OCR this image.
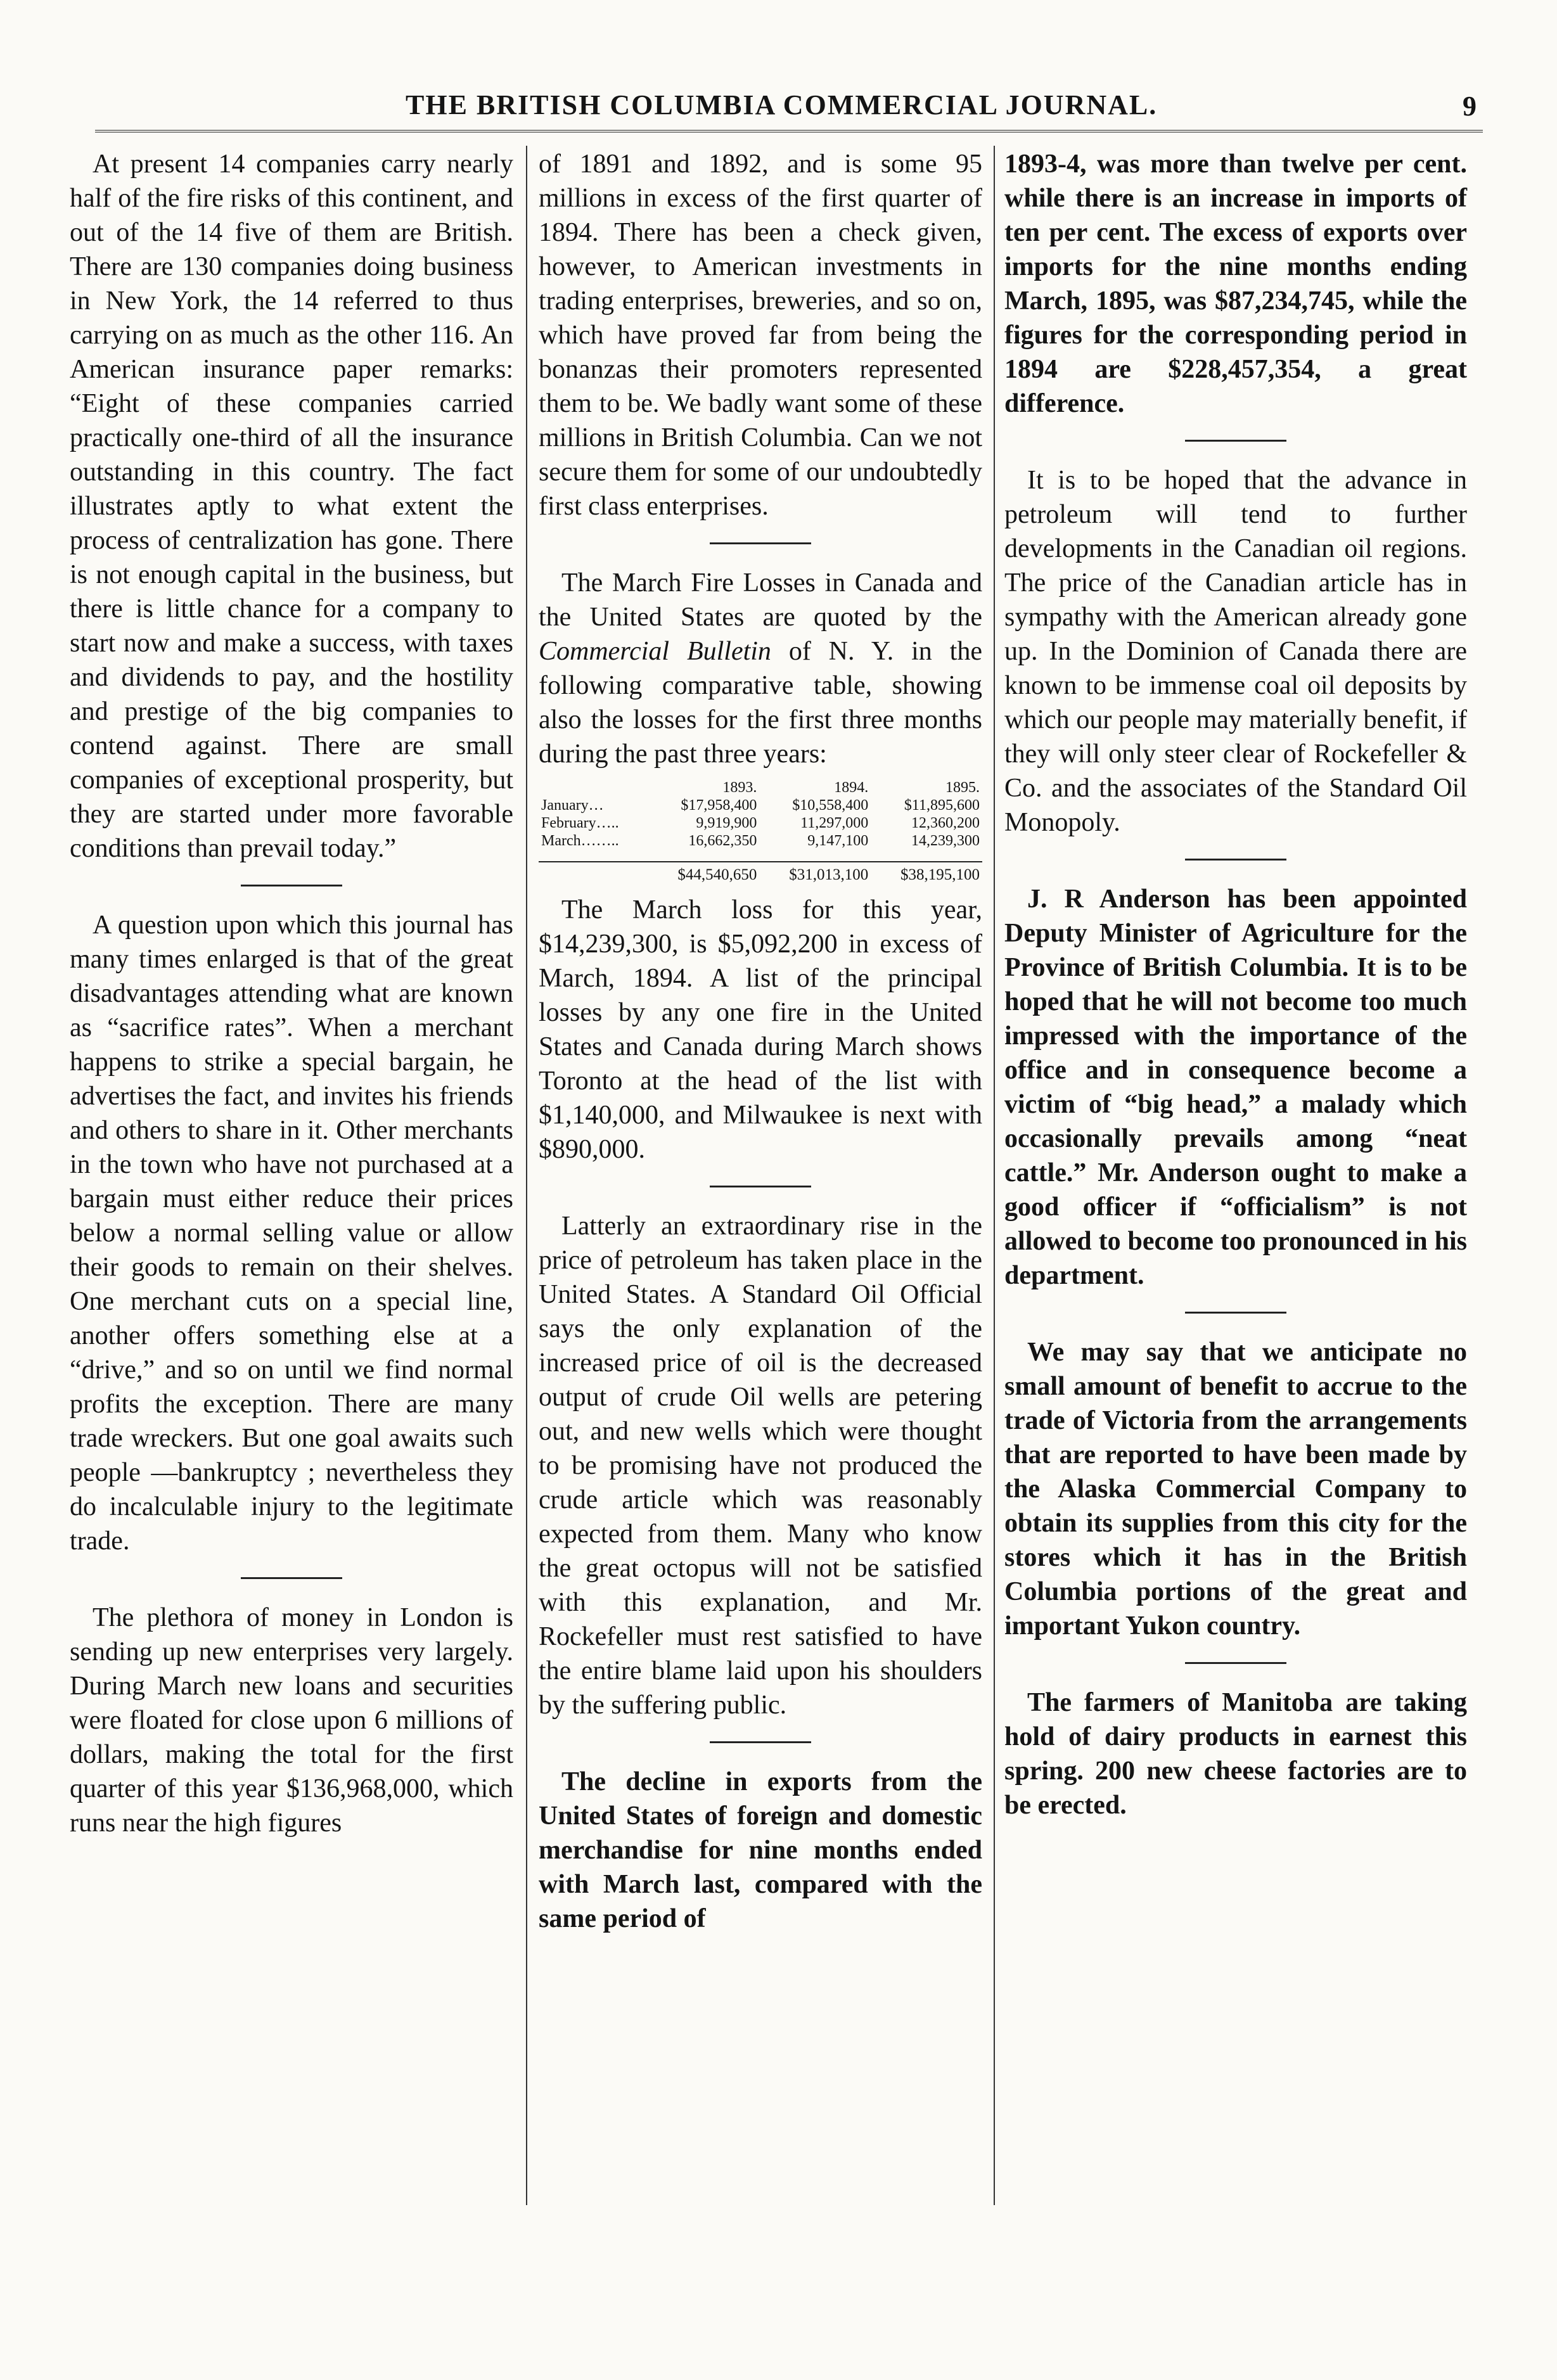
THE BRITISH COLUMBIA COMMERCIAL JOURNAL.	9

At present 14 companies carry nearly half of the fire risks of this continent, and out of the 14 five of them are British. There are 130 companies doing business in New York, the 14 referred to thus carrying on as much as the other 116. An American insurance paper remarks: “Eight of these companies carried practically one-third of all the insurance outstanding in this country. The fact illustrates aptly to what extent the process of centralization has gone. There is not enough capital in the business, but there is little chance for a company to start now and make a success, with taxes and dividends to pay, and the hostility and prestige of the big companies to contend against. There are small companies of exceptional prosperity, but they are started under more favorable conditions than prevail today.”

A question upon which this journal has many times enlarged is that of the great disadvantages attending what are known as “sacrifice rates”. When a merchant happens to strike a special bargain, he advertises the fact, and invites his friends and others to share in it. Other merchants in the town who have not purchased at a bargain must either reduce their prices below a normal selling value or allow their goods to remain on their shelves. One merchant cuts on a special line, another offers something else at a “drive,” and so on until we find normal profits the exception. There are many trade wreckers. But one goal awaits such people —bankruptcy ; nevertheless they do incalculable injury to the legitimate trade.

The plethora of money in London is sending up new enterprises very largely. During March new loans and securities were floated for close upon 6 millions of dollars, making the total for the first quarter of this year $136,968,000, which runs near the high figures

of 1891 and 1892, and is some 95 millions in excess of the first quarter of 1894. There has been a check given, however, to American investments in trading enterprises, breweries, and so on, which have proved far from being the bonanzas their promoters represented them to be. We badly want some of these millions in British Columbia. Can we not secure them for some of our undoubtedly first class enterprises.

The March Fire Losses in Canada and the United States are quoted by the Commercial Bulletin of N. Y. in the following comparative table, showing also the losses for the first three months during the past three years:

	1893.	1894.	1895.
January…	$17,958,400	$10,558,400	$11,895,600
February…..	9,919,900	11,297,000	12,360,200
March……..	16,662,350	9,147,100	14,239,300

	$44,540,650	$31,013,100	$38,195,100

The March loss for this year, $14,239,300, is $5,092,200 in excess of March, 1894. A list of the principal losses by any one fire in the United States and Canada during March shows Toronto at the head of the list with $1,140,000, and Milwaukee is next with $890,000.

Latterly an extraordinary rise in the price of petroleum has taken place in the United States. A Standard Oil Official says the only explanation of the increased price of oil is the decreased output of crude Oil wells are petering out, and new wells which were thought to be promising have not produced the crude article which was reasonably expected from them. Many who know the great octopus will not be satisfied with this explanation, and Mr. Rockefeller must rest satisfied to have the entire blame laid upon his shoulders by the suffering public.

The decline in exports from the United States of foreign and domestic merchandise for nine months ended with March last, compared with the same period of

1893-4, was more than twelve per cent. while there is an increase in imports of ten per cent. The excess of exports over imports for the nine months ending March, 1895, was $87,234,745, while the figures for the corresponding period in 1894 are $228,457,354, a great difference.

It is to be hoped that the advance in petroleum will tend to further developments in the Canadian oil regions. The price of the Canadian article has in sympathy with the American already gone up. In the Dominion of Canada there are known to be immense coal oil deposits by which our people may materially benefit, if they will only steer clear of Rockefeller & Co. and the associates of the Standard Oil Monopoly.

J. R Anderson has been appointed Deputy Minister of Agriculture for the Province of British Columbia. It is to be hoped that he will not become too much impressed with the importance of the office and in consequence become a victim of “big head,” a malady which occasionally prevails among “neat cattle.” Mr. Anderson ought to make a good officer if “officialism” is not allowed to become too pronounced in his department.

We may say that we anticipate no small amount of benefit to accrue to the trade of Victoria from the arrangements that are reported to have been made by the Alaska Commercial Company to obtain its supplies from this city for the stores which it has in the British Columbia portions of the great and important Yukon country.

The farmers of Manitoba are taking hold of dairy products in earnest this spring. 200 new cheese factories are to be erected.
